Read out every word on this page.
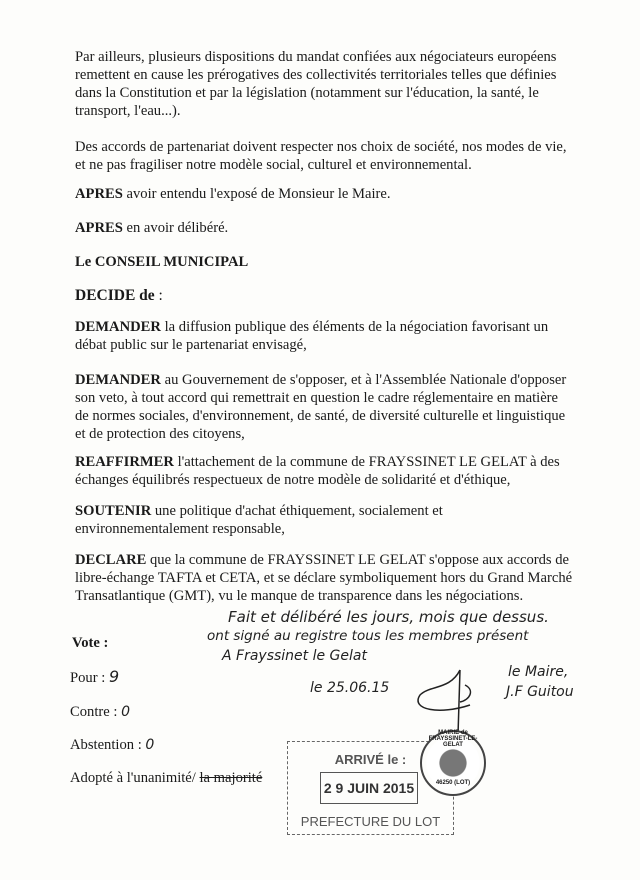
Par ailleurs, plusieurs dispositions du mandat confiées aux négociateurs européens remettent en cause les prérogatives des collectivités territoriales telles que définies dans la Constitution et par la législation (notamment sur l'éducation, la santé, le transport, l'eau...).

Des accords de partenariat doivent respecter nos choix de société, nos modes de vie, et ne pas fragiliser notre modèle social, culturel et environnemental.

APRES avoir entendu l'exposé de Monsieur le Maire.

APRES en avoir délibéré.

Le CONSEIL MUNICIPAL

DECIDE de :

DEMANDER la diffusion publique des éléments de la négociation favorisant un débat public sur le partenariat envisagé,

DEMANDER au Gouvernement de s'opposer, et à l'Assemblée Nationale d'opposer son veto, à tout accord qui remettrait en question le cadre réglementaire en matière de normes sociales, d'environnement, de santé, de diversité culturelle et linguistique et de protection des citoyens,

REAFFIRMER l'attachement de la commune de FRAYSSINET LE GELAT à des échanges équilibrés respectueux de notre modèle de solidarité et d'éthique,

SOUTENIR une politique d'achat éthiquement, socialement et environnementalement responsable,

DECLARE que la commune de FRAYSSINET LE GELAT s'oppose aux accords de libre-échange TAFTA et CETA, et se déclare symboliquement hors du Grand Marché Transatlantique (GMT), vu le manque de transparence dans les négociations.

Vote :

Pour : 9

Contre : 0

Abstention : 0

Adopté à l'unanimité/ la majorité

Fait et délibéré les jours, mois que dessus.
ont signé au registre tous les membres présent
A Frayssinet le Gelat
le 25.06.15
le Maire,
J.F Guitou
ARRIVÉ le :
2 9 JUIN 2015
PREFECTURE DU LOT
MAIRIE de FRAYSSINET-LE-GELAT
46250 (LOT)
